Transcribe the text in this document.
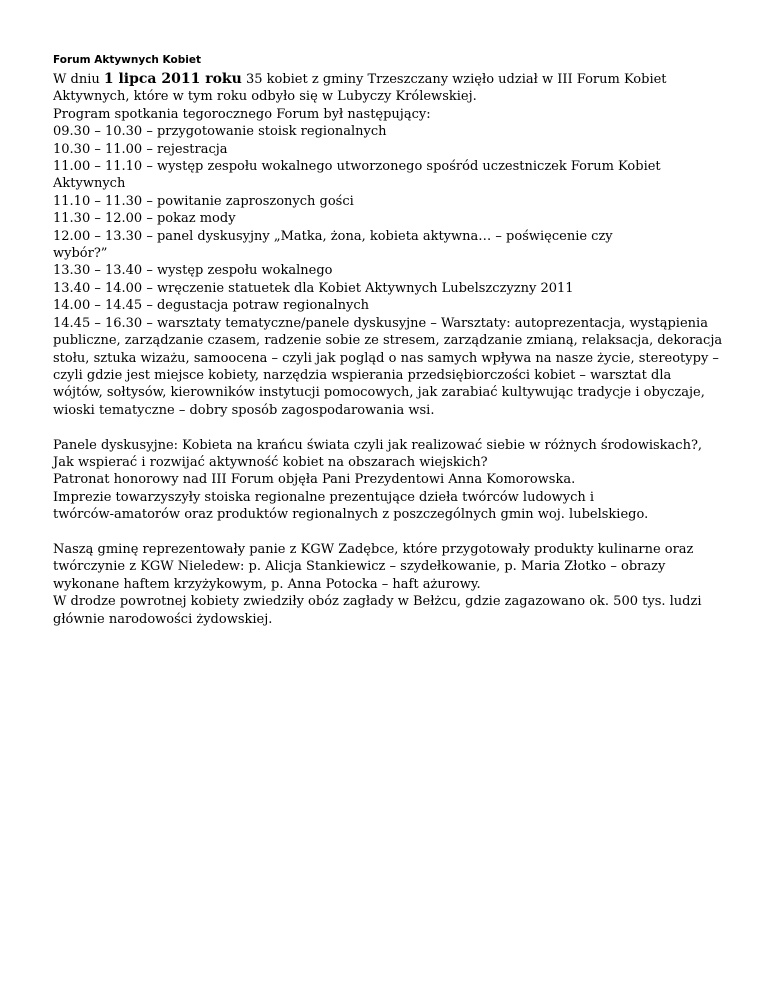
Forum Aktywnych Kobiet
W dniu 1 lipca 2011 roku 35 kobiet z gminy Trzeszczany wzięło udział w III Forum Kobiet
Aktywnych, które w tym roku odbyło się w Lubyczy Królewskiej.
Program spotkania tegorocznego Forum był następujący:
09.30 – 10.30 – przygotowanie stoisk regionalnych
10.30 – 11.00 – rejestracja
11.00 – 11.10 – występ zespołu wokalnego utworzonego spośród uczestniczek Forum Kobiet
Aktywnych
11.10 – 11.30 – powitanie zaproszonych gości
11.30 – 12.00 – pokaz mody
12.00 – 13.30 – panel dyskusyjny „Matka, żona, kobieta aktywna… – poświęcenie czy
wybór?”
13.30 – 13.40 – występ zespołu wokalnego
13.40 – 14.00 – wręczenie statuetek dla Kobiet Aktywnych Lubelszczyzny 2011
14.00 – 14.45 – degustacja potraw regionalnych
14.45 – 16.30 – warsztaty tematyczne/panele dyskusyjne – Warsztaty: autoprezentacja, wystąpienia
publiczne, zarządzanie czasem, radzenie sobie ze stresem, zarządzanie zmianą, relaksacja, dekoracja
stołu, sztuka wizażu, samoocena – czyli jak pogląd o nas samych wpływa na nasze życie, stereotypy –
czyli gdzie jest miejsce kobiety, narzędzia wspierania przedsiębiorczości kobiet – warsztat dla
wójtów, sołtysów, kierowników instytucji pomocowych, jak zarabiać kultywując tradycje i obyczaje,
wioski tematyczne – dobry sposób zagospodarowania wsi.
Panele dyskusyjne: Kobieta na krańcu świata czyli jak realizować siebie w różnych środowiskach?,
Jak wspierać i rozwijać aktywność kobiet na obszarach wiejskich?
Patronat honorowy nad III Forum objęła Pani Prezydentowi Anna Komorowska.
Imprezie towarzyszyły stoiska regionalne prezentujące dzieła twórców ludowych i
twórców-amatorów oraz produktów regionalnych z poszczególnych gmin woj. lubelskiego.
Naszą gminę reprezentowały panie z KGW Zadębce, które przygotowały produkty kulinarne oraz
twórczynie z KGW Nieledew: p. Alicja Stankiewicz – szydełkowanie, p. Maria Złotko – obrazy
wykonane haftem krzyżykowym, p. Anna Potocka – haft ażurowy.
W drodze powrotnej kobiety zwiedziły obóz zagłady w Bełżcu, gdzie zagazowano ok. 500 tys. ludzi
głównie narodowości żydowskiej.
